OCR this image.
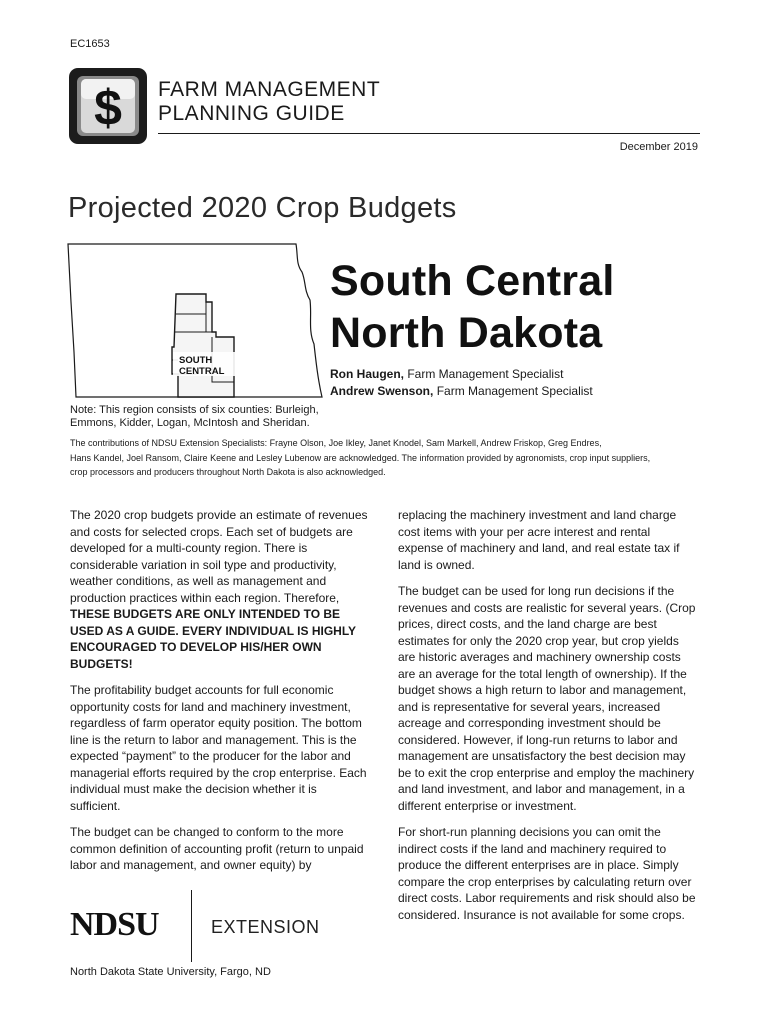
EC1653
$ FARM MANAGEMENT
PLANNING GUIDE
December 2019
Projected 2020 Crop Budgets
SOUTH
CENTRAL
South Central
North Dakota
Ron Haugen, Farm Management Specialist
Andrew Swenson, Farm Management Specialist
Note: This region consists of six counties: Burleigh,
Emmons, Kidder, Logan, McIntosh and Sheridan.
The contributions of NDSU Extension Specialists: Frayne Olson, Joe Ikley, Janet Knodel, Sam Markell, Andrew Friskop, Greg Endres,
Hans Kandel, Joel Ransom, Claire Keene and Lesley Lubenow are acknowledged. The information provided by agronomists, crop input suppliers,
crop processors and producers throughout North Dakota is also acknowledged.

The 2020 crop budgets provide an estimate of revenues and costs for selected crops. Each set of budgets are developed for a multi-county region. There is considerable variation in soil type and productivity, weather conditions, as well as management and production practices within each region. Therefore, THESE BUDGETS ARE ONLY INTENDED TO BE USED AS A GUIDE. EVERY INDIVIDUAL IS HIGHLY ENCOURAGED TO DEVELOP HIS/HER OWN BUDGETS!

The profitability budget accounts for full economic opportunity costs for land and machinery investment, regardless of farm operator equity position. The bottom line is the return to labor and management. This is the expected “payment” to the producer for the labor and managerial efforts required by the crop enterprise. Each individual must make the decision whether it is sufficient.

The budget can be changed to conform to the more common definition of accounting profit (return to unpaid labor and management, and owner equity) by

replacing the machinery investment and land charge cost items with your per acre interest and rental expense of machinery and land, and real estate tax if land is owned.

The budget can be used for long run decisions if the revenues and costs are realistic for several years. (Crop prices, direct costs, and the land charge are best estimates for only the 2020 crop year, but crop yields are historic averages and machinery ownership costs are an average for the total length of ownership). If the budget shows a high return to labor and management, and is representative for several years, increased acreage and corresponding investment should be considered. However, if long-run returns to labor and management are unsatisfactory the best decision may be to exit the crop enterprise and employ the machinery and land investment, and labor and management, in a different enterprise or investment.

For short-run planning decisions you can omit the indirect costs if the land and machinery required to produce the different enterprises are in place. Simply compare the crop enterprises by calculating return over direct costs. Labor requirements and risk should also be considered. Insurance is not available for some crops.

NDSU	EXTENSION
North Dakota State University, Fargo, ND
